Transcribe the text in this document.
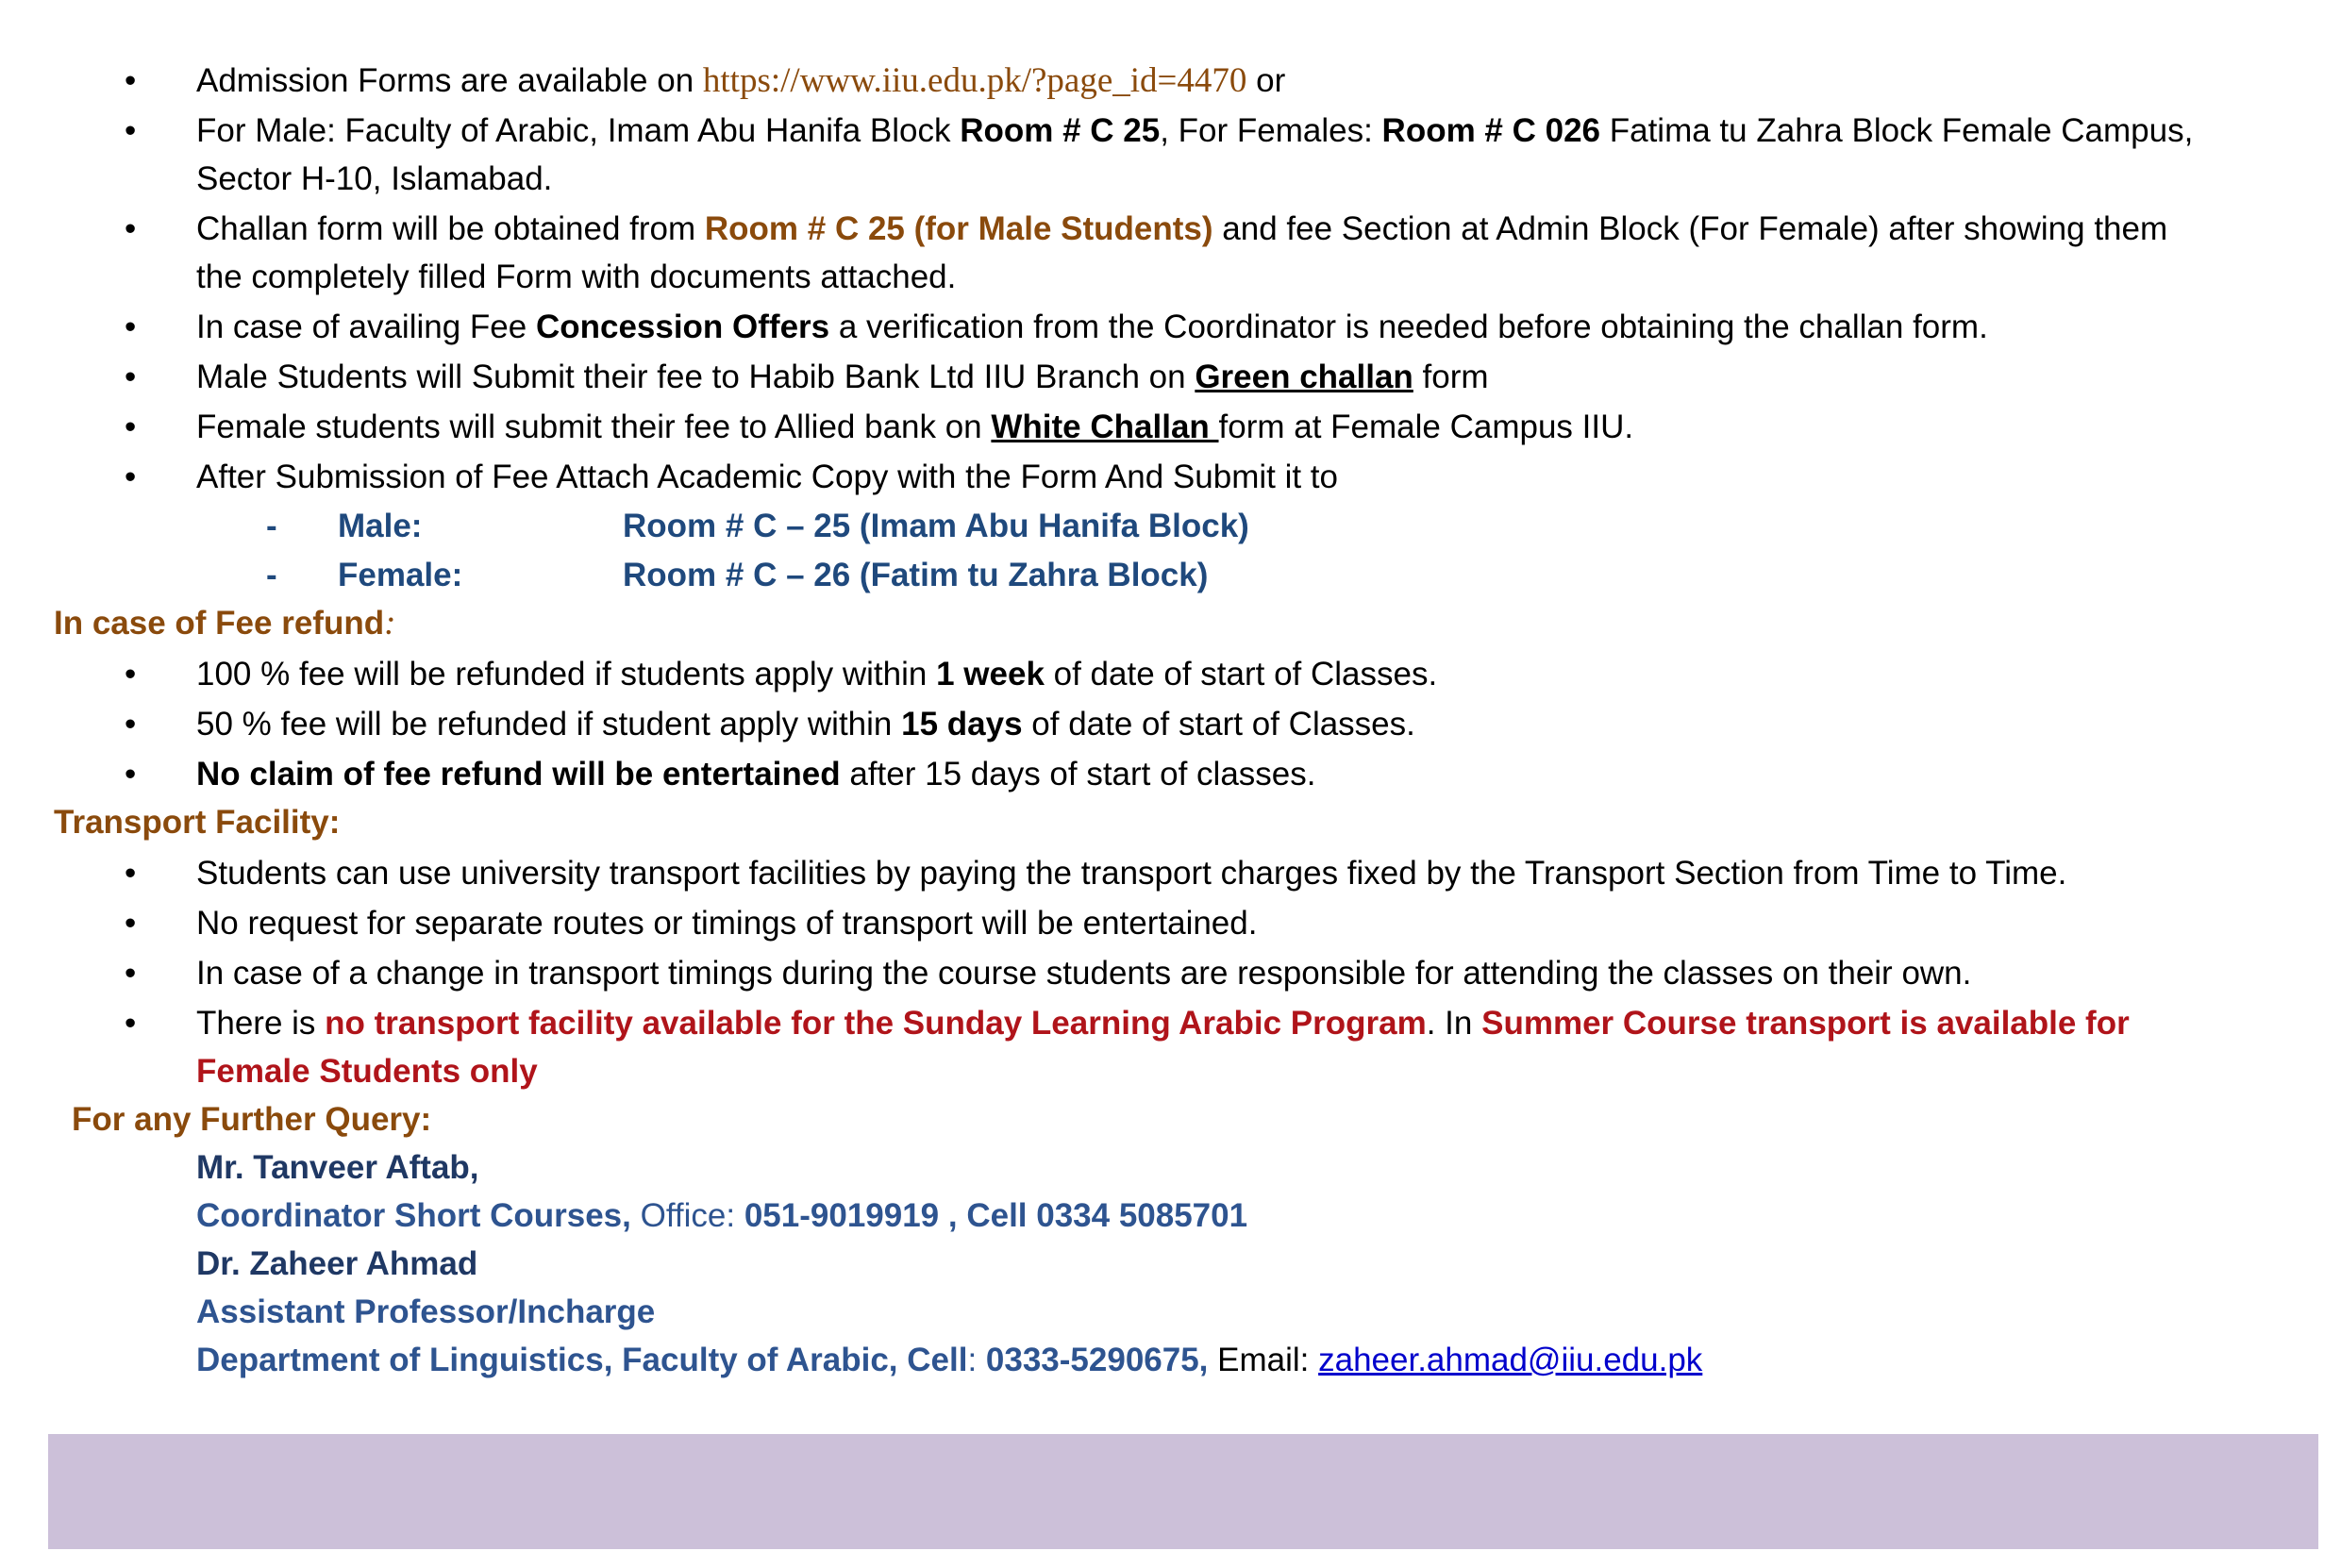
• Admission Forms are available on https://www.iiu.edu.pk/?page_id=4470 or
• For Male: Faculty of Arabic, Imam Abu Hanifa Block Room # C 25, For Females: Room # C 026 Fatima tu Zahra Block Female Campus,
Sector H-10, Islamabad.
• Challan form will be obtained from Room # C 25 (for Male Students) and fee Section at Admin Block (For Female) after showing them
the completely filled Form with documents attached.
• In case of availing Fee Concession Offers a verification from the Coordinator is needed before obtaining the challan form.
• Male Students will Submit their fee to Habib Bank Ltd IIU Branch on Green challan form
• Female students will submit their fee to Allied bank on White Challan form at Female Campus IIU.
• After Submission of Fee Attach Academic Copy with the Form And Submit it to
- Male:	Room # C – 25 (Imam Abu Hanifa Block)
- Female:	Room # C – 26 (Fatim tu Zahra Block)
In case of Fee refund:
• 100 % fee will be refunded if students apply within 1 week of date of start of Classes.
• 50 % fee will be refunded if student apply within 15 days of date of start of Classes.
• No claim of fee refund will be entertained after 15 days of start of classes.
Transport Facility:
• Students can use university transport facilities by paying the transport charges fixed by the Transport Section from Time to Time.
• No request for separate routes or timings of transport will be entertained.
• In case of a change in transport timings during the course students are responsible for attending the classes on their own.
• There is no transport facility available for the Sunday Learning Arabic Program. In Summer Course transport is available for
Female Students only
For any Further Query:
Mr. Tanveer Aftab,
Coordinator Short Courses, Office: 051-9019919 , Cell 0334 5085701
Dr. Zaheer Ahmad
Assistant Professor/Incharge
Department of Linguistics, Faculty of Arabic, Cell: 0333-5290675, Email: zaheer.ahmad@iiu.edu.pk
